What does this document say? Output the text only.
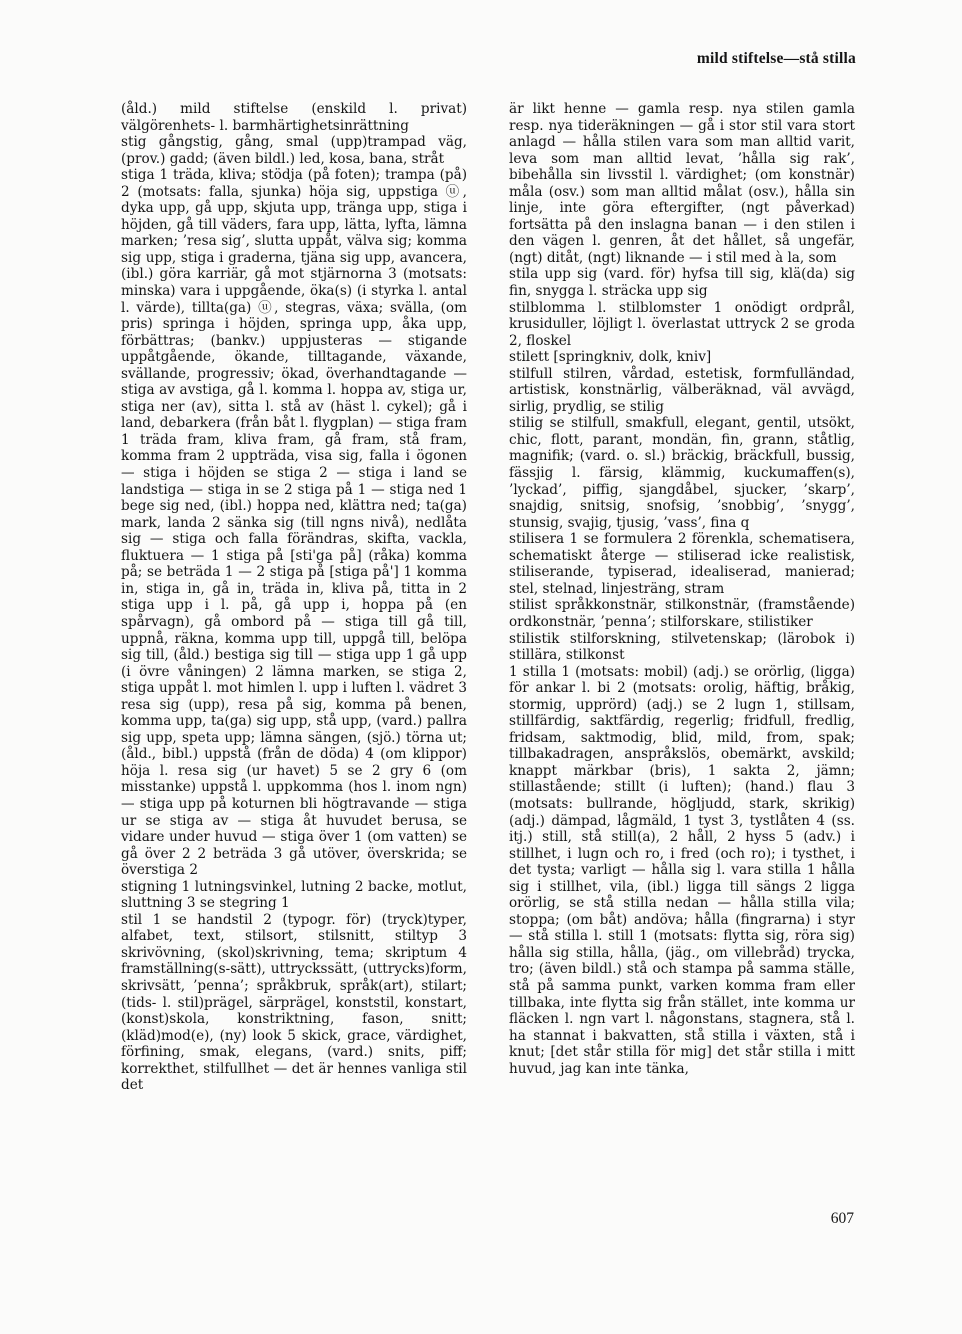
mild stiftelse—stå stilla

(åld.) mild stiftelse (enskild l. privat) välgörenhets- l. barmhärtighetsinrättning

stig gångstig, gång, smal (upp)trampad väg, (prov.) gadd; (även bildl.) led, kosa, bana, stråt

stiga 1 träda, kliva; stödja (på foten); trampa (på) 2 (motsats: falla, sjunka) höja sig, uppstiga ⓤ, dyka upp, gå upp, skjuta upp, tränga upp, stiga i höjden, gå till väders, fara upp, lätta, lyfta, lämna marken; ’resa sig’, slutta uppåt, välva sig; komma sig upp, stiga i graderna, tjäna sig upp, avancera, (ibl.) göra karriär, gå mot stjärnorna 3 (motsats: minska) vara i uppgående, öka(s) (i styrka l. antal l. värde), tillta(ga) ⓤ, stegras, växa; svälla, (om pris) springa i höjden, springa upp, åka upp, förbättras; (bankv.) uppjusteras — stigande uppåtgående, ökande, tilltagande, växande, svällande, progressiv; ökad, överhandtagande — stiga av avstiga, gå l. komma l. hoppa av, stiga ur, stiga ner (av), sitta l. stå av (häst l. cykel); gå i land, debarkera (från båt l. flygplan) — stiga fram 1 träda fram, kliva fram, gå fram, stå fram, komma fram 2 uppträda, visa sig, falla i ögonen — stiga i höjden se stiga 2 — stiga i land se landstiga — stiga in se 2 stiga på 1 — stiga ned 1 bege sig ned, (ibl.) hoppa ned, klättra ned; ta(ga) mark, landa 2 sänka sig (till ngns nivå), nedlåta sig — stiga och falla förändras, skifta, vackla, fluktuera — 1 stiga på [sti'ga på] (råka) komma på; se beträda 1 — 2 stiga på [stiga på'] 1 komma in, stiga in, gå in, träda in, kliva på, titta in 2 stiga upp i l. på, gå upp i, hoppa på (en spårvagn), gå ombord på — stiga till gå till, uppnå, räkna, komma upp till, uppgå till, belöpa sig till, (åld.) bestiga sig till — stiga upp 1 gå upp (i övre våningen) 2 lämna marken, se stiga 2, stiga uppåt l. mot himlen l. upp i luften l. vädret 3 resa sig (upp), resa på sig, komma på benen, komma upp, ta(ga) sig upp, stå upp, (vard.) pallra sig upp, speta upp; lämna sängen, (sjö.) törna ut; (åld., bibl.) uppstå (från de döda) 4 (om klippor) höja l. resa sig (ur havet) 5 se 2 gry 6 (om misstanke) uppstå l. uppkomma (hos l. inom ngn) — stiga upp på koturnen bli högtravande — stiga ur se stiga av — stiga åt huvudet berusa, se vidare under huvud — stiga över 1 (om vatten) se gå över 2 2 beträda 3 gå utöver, överskrida; se överstiga 2

stigning 1 lutningsvinkel, lutning 2 backe, motlut, sluttning 3 se stegring 1

stil 1 se handstil 2 (typogr. för) (tryck)typer, alfabet, text, stilsort, stilsnitt, stiltyp 3 skrivövning, (skol)skrivning, tema; skriptum 4 framställning(s-sätt), uttryckssätt, (uttrycks)form, skrivsätt, ’penna’; språkbruk, språk(art), stilart; (tids- l. stil)prägel, särprägel, konststil, konstart, (konst)skola, konstriktning, fason, snitt; (kläd)mod(e), (ny) look 5 skick, grace, värdighet, förfining, smak, elegans, (vard.) snits, piff; korrekthet, stilfullhet — det är hennes vanliga stil det

är likt henne — gamla resp. nya stilen gamla resp. nya tideräkningen — gå i stor stil vara stort anlagd — hålla stilen vara som man alltid varit, leva som man alltid levat, ’hålla sig rak’, bibehålla sin livsstil l. värdighet; (om konstnär) måla (osv.) som man alltid målat (osv.), hålla sin linje, inte göra eftergifter, (ngt påverkad) fortsätta på den inslagna banan — i den stilen i den vägen l. genren, åt det hållet, så ungefär, (ngt) ditåt, (ngt) liknande — i stil med à la, som

stila upp sig (vard. för) hyfsa till sig, klä(da) sig fin, snygga l. sträcka upp sig

stilblomma l. stilblomster 1 onödigt ordprål, krusiduller, löjligt l. överlastat uttryck 2 se groda 2, floskel

stilett [springkniv, dolk, kniv]

stilfull stilren, vårdad, estetisk, formfulländad, artistisk, konstnärlig, välberäknad, väl avvägd, sirlig, prydlig, se stilig

stilig se stilfull, smakfull, elegant, gentil, utsökt, chic, flott, parant, mondän, fin, grann, ståtlig, magnifik; (vard. o. sl.) bräckig, bräckfull, bussig, fässjig l. färsig, klämmig, kuckumaffen(s), ’lyckad’, piffig, sjangdåbel, sjucker, ’skarp’, snajdig, snitsig, snofsig, ’snobbig’, ’snygg’, stunsig, svajig, tjusig, ’vass’, fina q

stilisera 1 se formulera 2 förenkla, schematisera, schematiskt återge — stiliserad icke realistisk, stiliserande, typiserad, idealiserad, manierad; stel, stelnad, linjesträng, stram

stilist språkkonstnär, stilkonstnär, (framstående) ordkonstnär, ’penna’; stilforskare, stilistiker

stilistik stilforskning, stilvetenskap; (lärobok i) stillära, stilkonst

1 stilla 1 (motsats: mobil) (adj.) se orörlig, (ligga) för ankar l. bi 2 (motsats: orolig, häftig, bråkig, stormig, upprörd) (adj.) se 2 lugn 1, stillsam, stillfärdig, saktfärdig, regerlig; fridfull, fredlig, fridsam, saktmodig, blid, mild, from, spak; tillbakadragen, anspråkslös, obemärkt, avskild; knappt märkbar (bris), 1 sakta 2, jämn; stillastående; stillt (i luften); (hand.) flau 3 (motsats: bullrande, högljudd, stark, skrikig) (adj.) dämpad, lågmäld, 1 tyst 3, tystlåten 4 (ss. itj.) still, stå still(a), 2 håll, 2 hyss 5 (adv.) i stillhet, i lugn och ro, i fred (och ro); i tysthet, i det tysta; varligt — hålla sig l. vara stilla 1 hålla sig i stillhet, vila, (ibl.) ligga till sängs 2 ligga orörlig, se stå stilla nedan — hålla stilla vila; stoppa; (om båt) andöva; hålla (fingrarna) i styr — stå stilla l. still 1 (motsats: flytta sig, röra sig) hålla sig stilla, hålla, (jäg., om villebråd) trycka, tro; (även bildl.) stå och stampa på samma ställe, stå på samma punkt, varken komma fram eller tillbaka, inte flytta sig från stället, inte komma ur fläcken l. ngn vart l. någonstans, stagnera, stå l. ha stannat i bakvatten, stå stilla i växten, stå i knut; [det står stilla för mig] det står stilla i mitt huvud, jag kan inte tänka,

607
